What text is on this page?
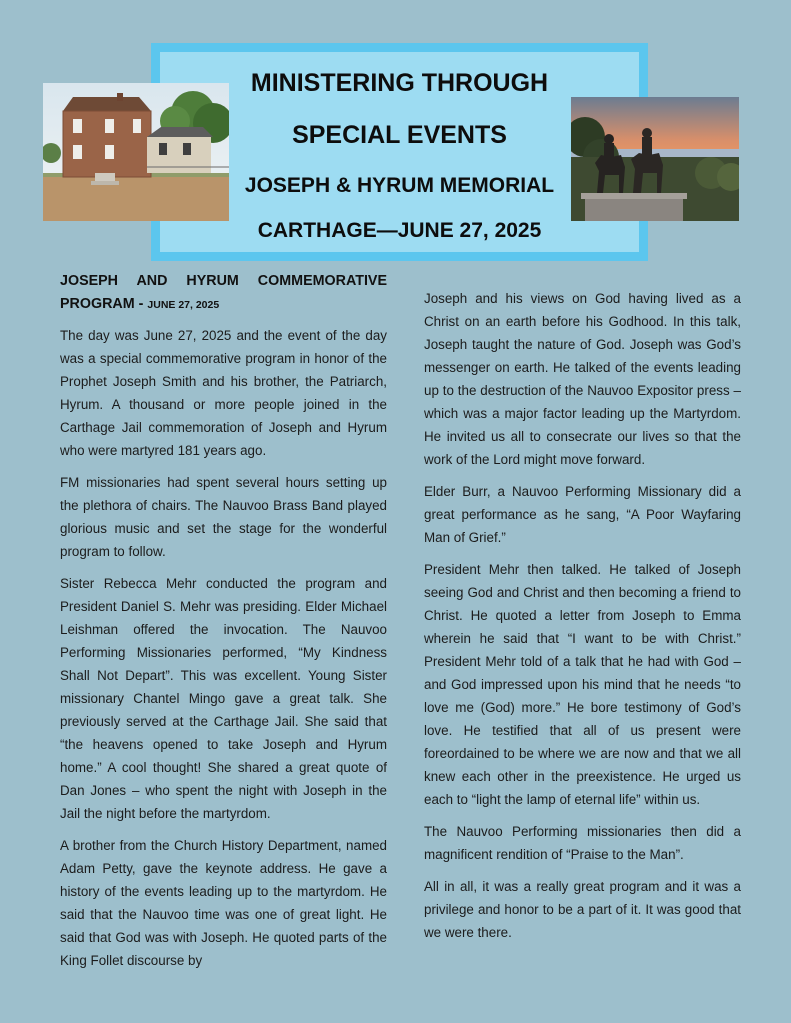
MINISTERING THROUGH
SPECIAL EVENTS
JOSEPH & HYRUM MEMORIAL
CARTHAGE—JUNE 27, 2025
JOSEPH AND HYRUM COMMEMORATIVE
PROGRAM - JUNE 27, 2025

The day was June 27, 2025 and the event of the day was a special commemorative program in honor of the Prophet Joseph Smith and his brother, the Patriarch, Hyrum. A thousand or more people joined in the Carthage Jail commemoration of Joseph and Hyrum who were martyred 181 years ago.

FM missionaries had spent several hours setting up the plethora of chairs. The Nauvoo Brass Band played glorious music and set the stage for the wonderful program to follow.

Sister Rebecca Mehr conducted the program and President Daniel S. Mehr was presiding. Elder Michael Leishman offered the invocation. The Nauvoo Performing Missionaries performed, “My Kindness Shall Not Depart”. This was excellent. Young Sister missionary Chantel Mingo gave a great talk. She previously served at the Carthage Jail. She said that “the heavens opened to take Joseph and Hyrum home.” A cool thought! She shared a great quote of Dan Jones – who spent the night with Joseph in the Jail the night before the martyrdom.

A brother from the Church History Department, named Adam Petty, gave the keynote address. He gave a history of the events leading up to the martyrdom. He said that the Nauvoo time was one of great light. He said that God was with Joseph. He quoted parts of the King Follet discourse by

Joseph and his views on God having lived as a Christ on an earth before his Godhood. In this talk, Joseph taught the nature of God. Joseph was God’s messenger on earth. He talked of the events leading up to the destruction of the Nauvoo Expositor press – which was a major factor leading up the Martyrdom. He invited us all to consecrate our lives so that the work of the Lord might move forward.

Elder Burr, a Nauvoo Performing Missionary did a great performance as he sang, “A Poor Wayfaring Man of Grief.”

President Mehr then talked. He talked of Joseph seeing God and Christ and then becoming a friend to Christ. He quoted a letter from Joseph to Emma wherein he said that “I want to be with Christ.” President Mehr told of a talk that he had with God – and God impressed upon his mind that he needs “to love me (God) more.” He bore testimony of God’s love. He testified that all of us present were foreordained to be where we are now and that we all knew each other in the preexistence. He urged us each to “light the lamp of eternal life” within us.

The Nauvoo Performing missionaries then did a magnificent rendition of “Praise to the Man”.

All in all, it was a really great program and it was a privilege and honor to be a part of it. It was good that we were there.
